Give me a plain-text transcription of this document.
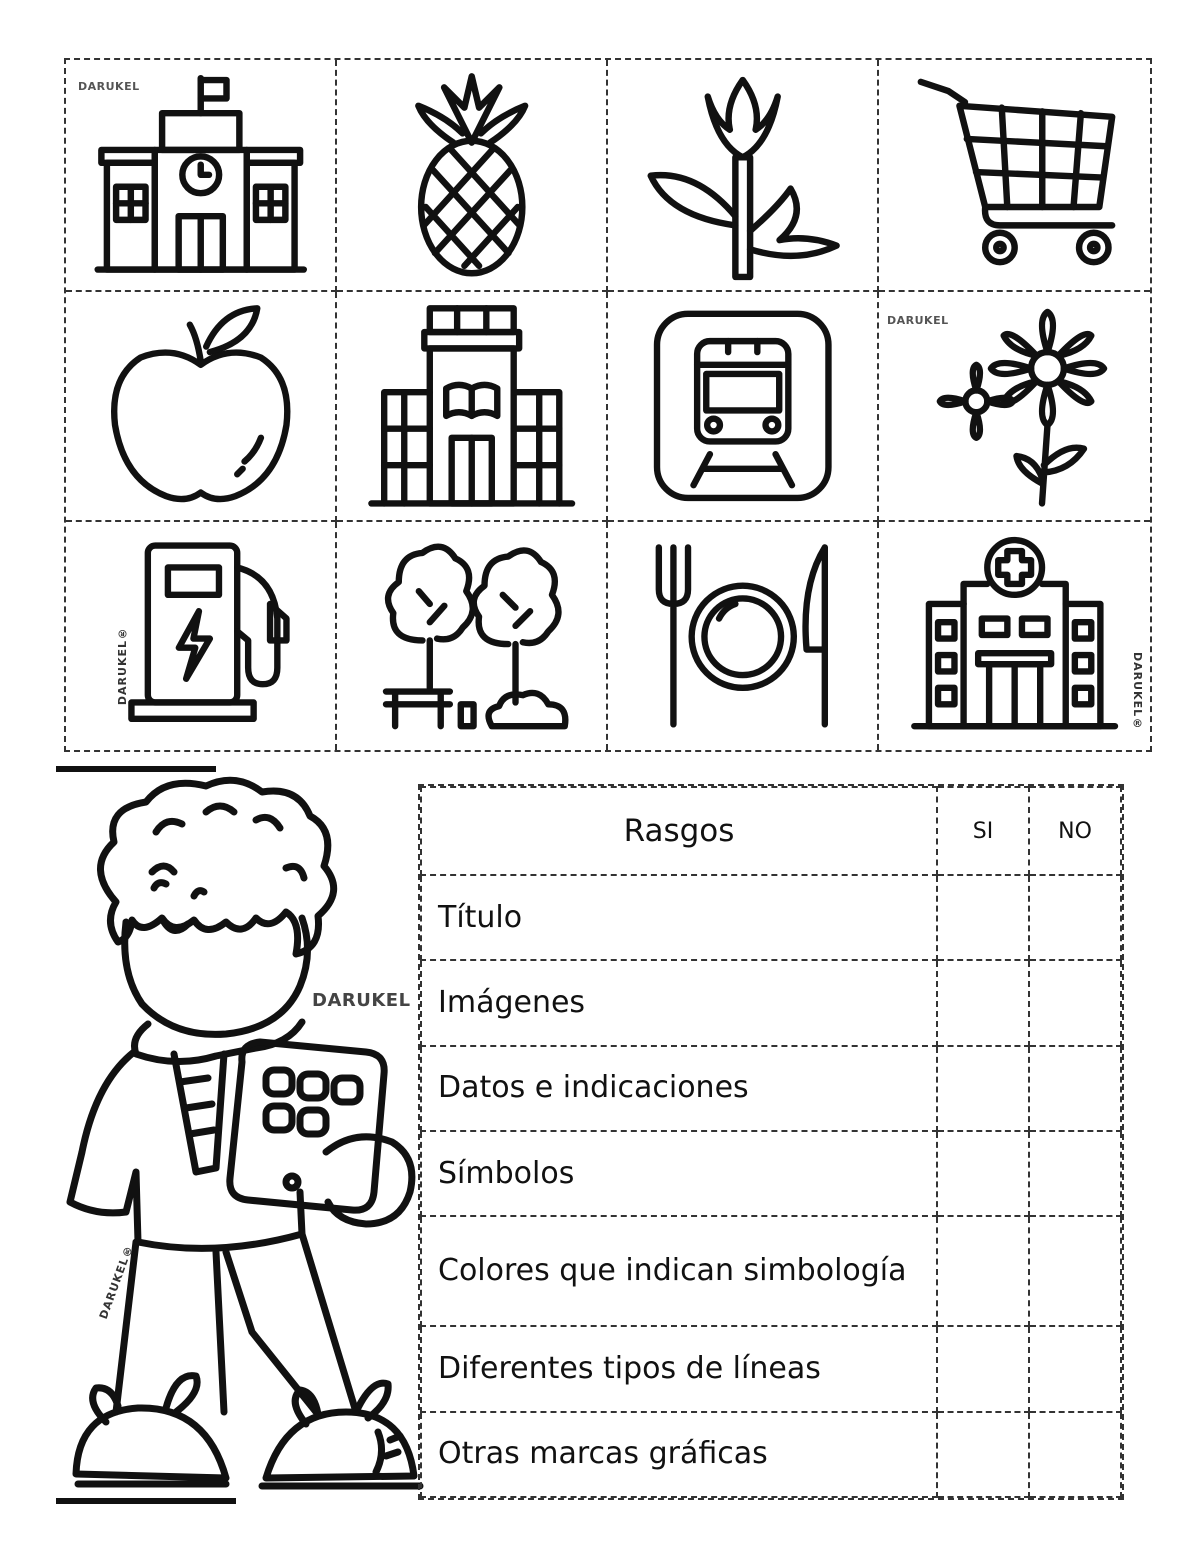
DARUKEL
DARUKEL
DARUKEL®	DARUKEL®
DARUKEL
DARUKEL®
Rasgos	SI	NO
Título		
Imágenes		
Datos e indicaciones		
Símbolos		
Colores que indican simbología		
Diferentes tipos de líneas		
Otras marcas gráficas		
